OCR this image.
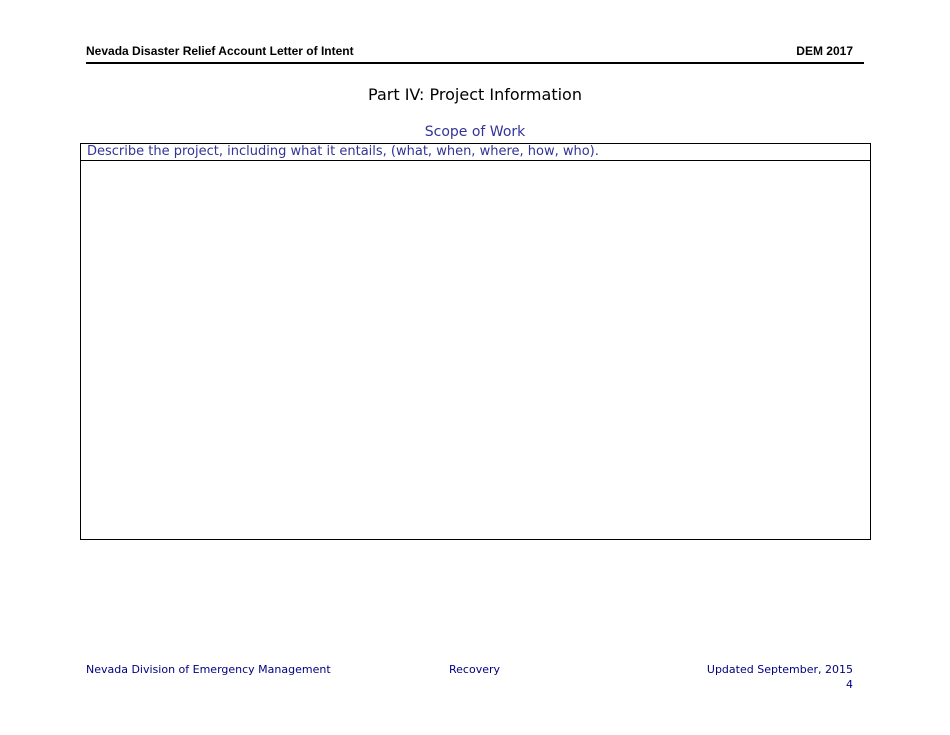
Nevada Disaster Relief Account Letter of Intent	DEM 2017
Part IV: Project Information
Scope of Work
Describe the project, including what it entails, (what, when, where, how, who).
Nevada Division of Emergency Management	Recovery	Updated September, 2015
4
